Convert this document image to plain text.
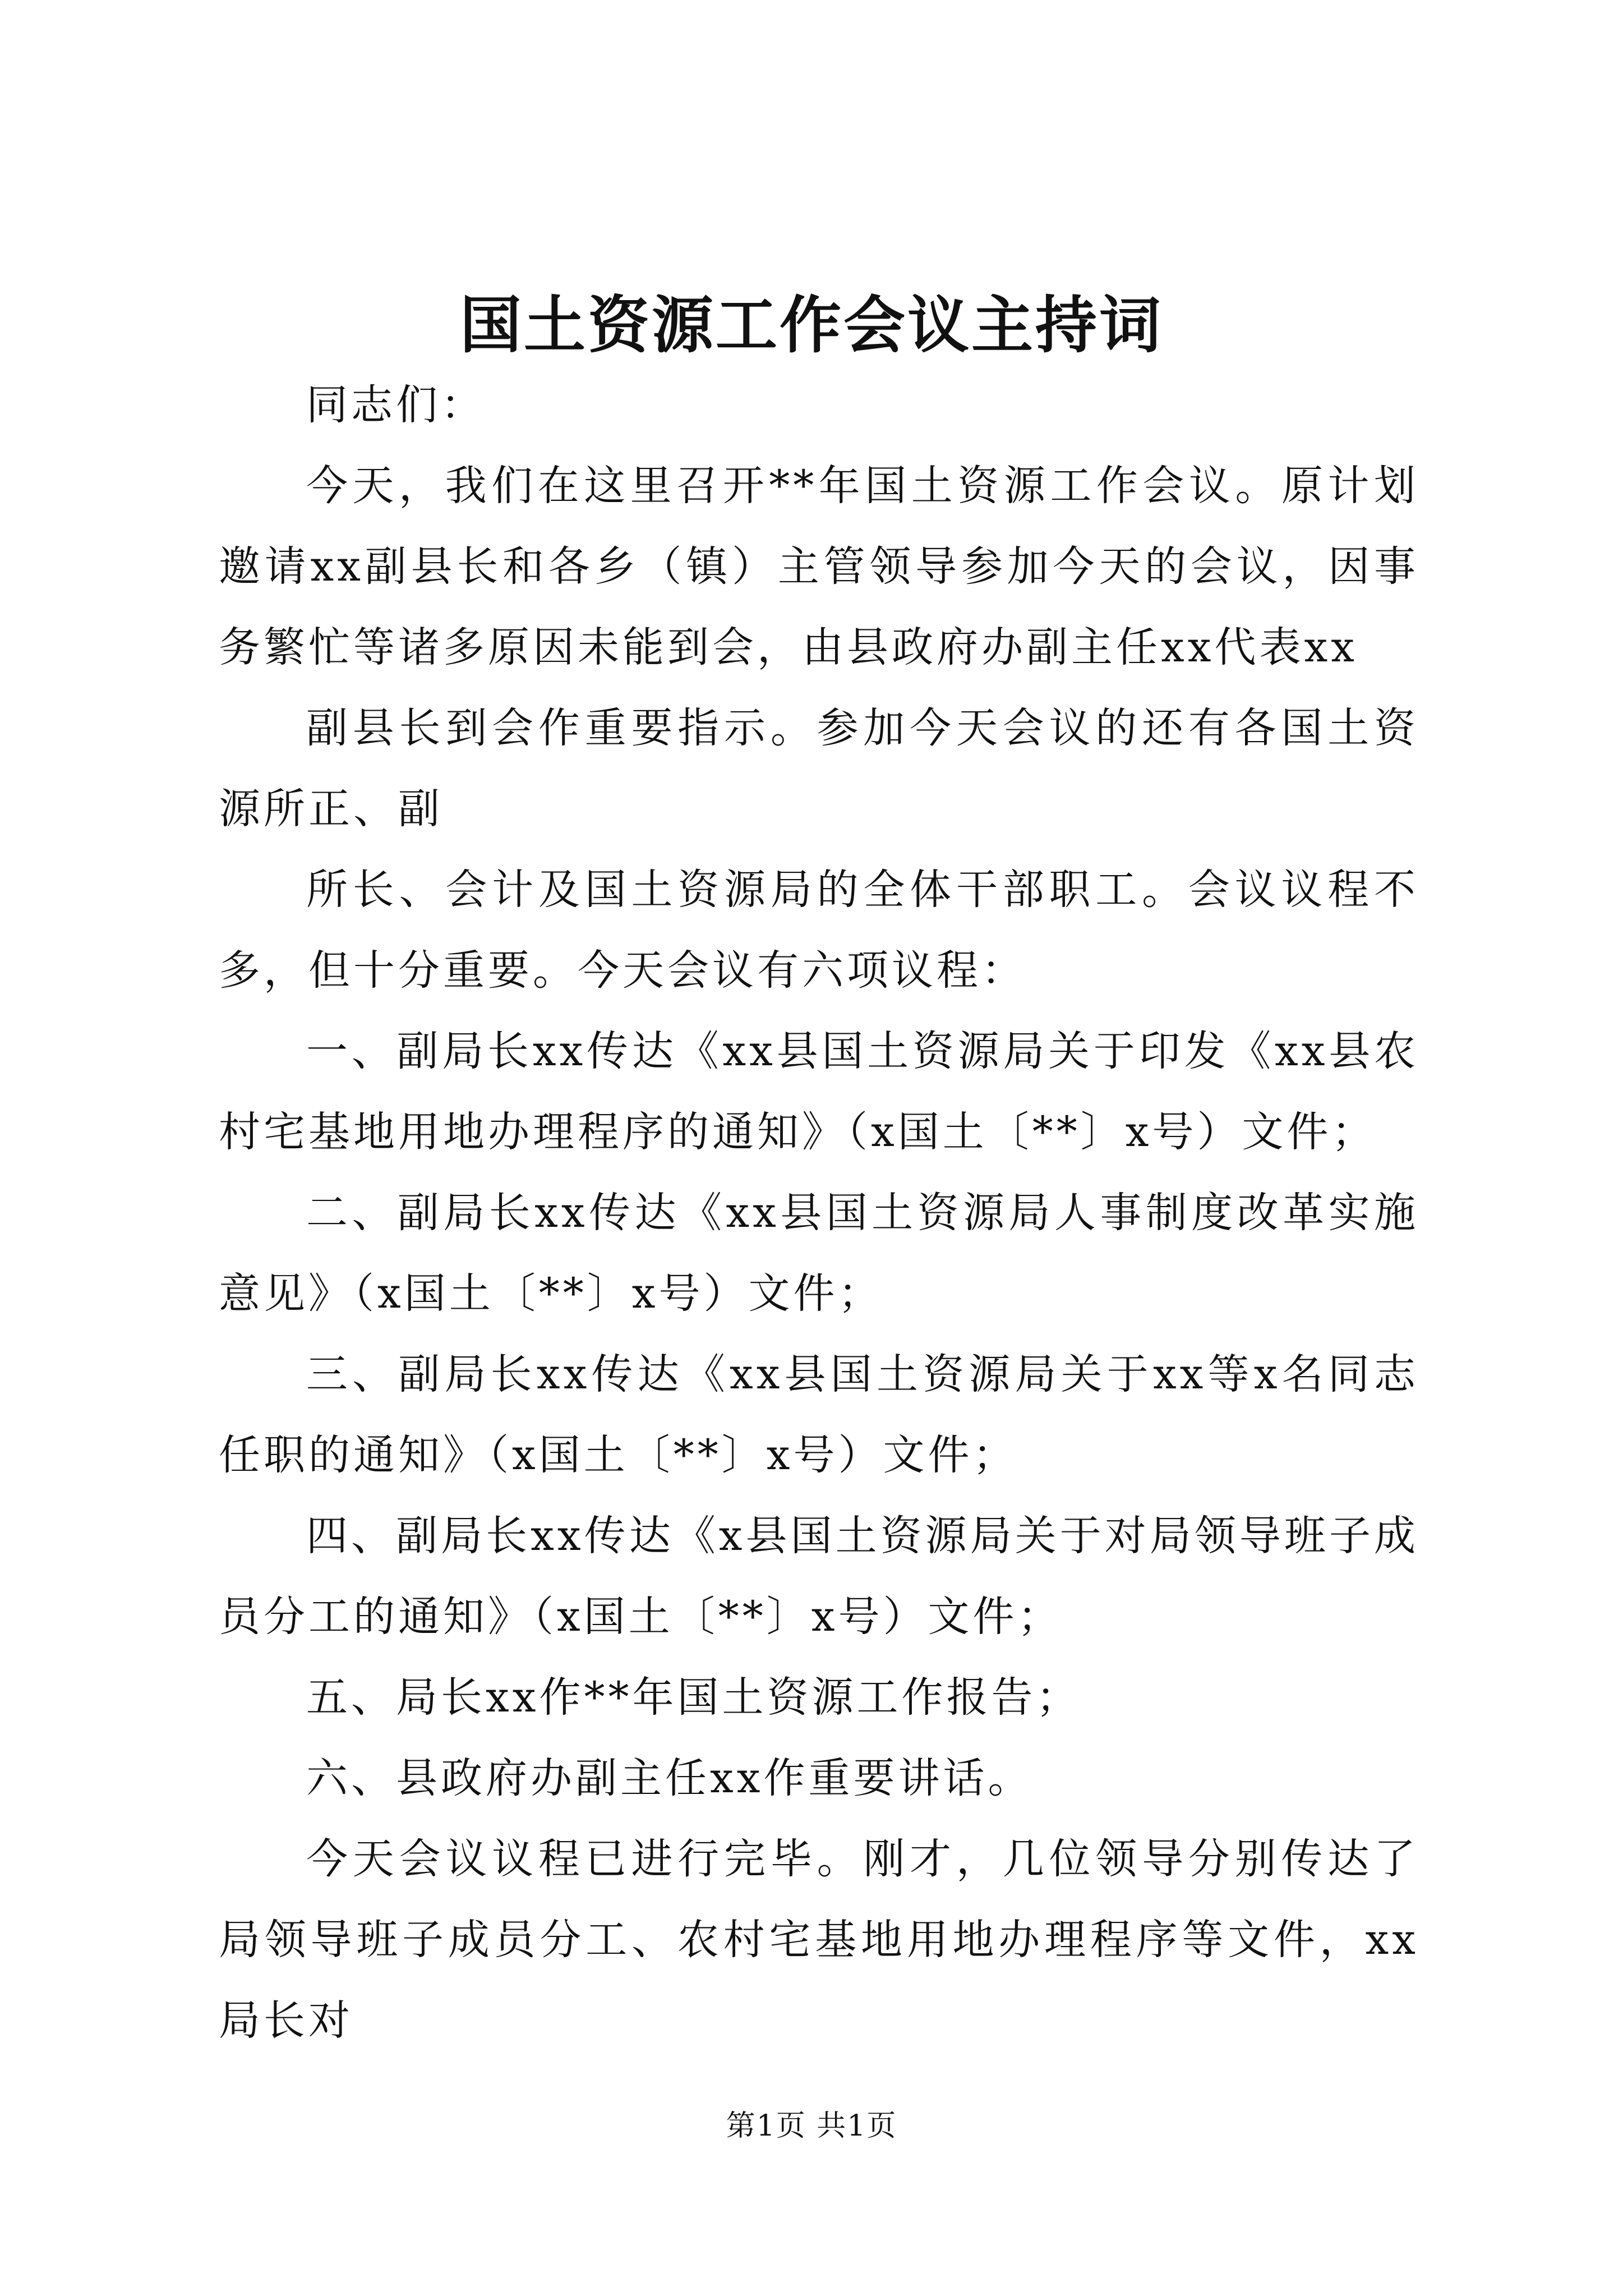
国土资源工作会议主持词

同志们：

今天，我们在这里召开**年国土资源工作会议。原计划邀请xx副县长和各乡（镇）主管领导参加今天的会议，因事务繁忙等诸多原因未能到会，由县政府办副主任xx代表xx

副县长到会作重要指示。参加今天会议的还有各国土资源所正、副

所长、会计及国土资源局的全体干部职工。会议议程不多，但十分重要。今天会议有六项议程：

一、副局长xx传达《xx县国土资源局关于印发《xx县农村宅基地用地办理程序的通知》（x国土〔**〕x号）文件；

二、副局长xx传达《xx县国土资源局人事制度改革实施意见》（x国土〔**〕x号）文件；

三、副局长xx传达《xx县国土资源局关于xx等x名同志任职的通知》（x国土〔**〕x号）文件；

四、副局长xx传达《x县国土资源局关于对局领导班子成员分工的通知》（x国土〔**〕x号）文件；

五、局长xx作**年国土资源工作报告；

六、县政府办副主任xx作重要讲话。

今天会议议程已进行完毕。刚才，几位领导分别传达了局领导班子成员分工、农村宅基地用地办理程序等文件，xx局长对

第1页 共1页
